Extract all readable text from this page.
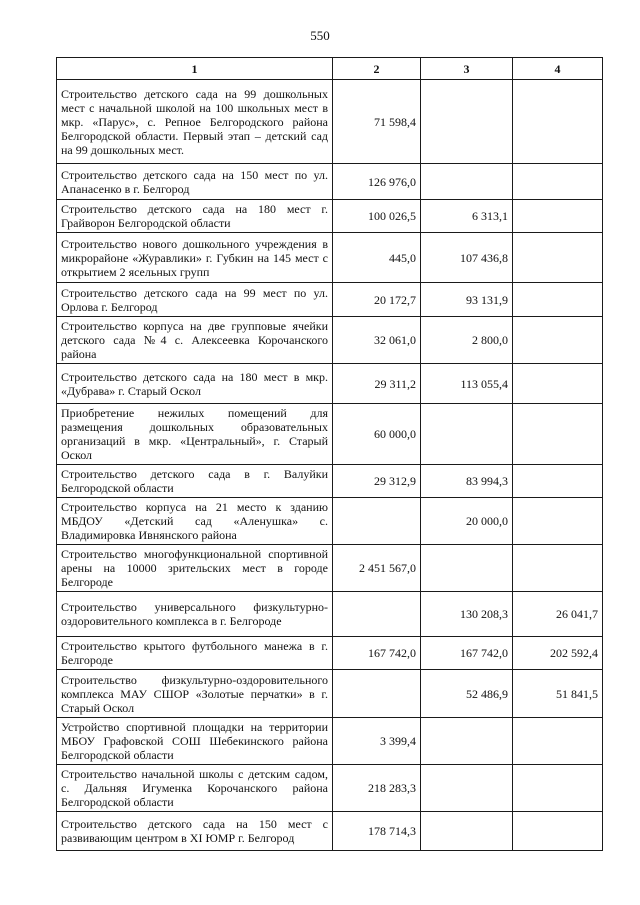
550
1	2	3	4
Строительство детского сада на 99 дошкольных мест с начальной школой на 100 школьных мест в мкр. «Парус», с. Репное Белгородского района Белгородской области. Первый этап – детский сад на 99 дошкольных мест.	71 598,4		
Строительство детского сада на 150 мест по ул. Апанасенко в г. Белгород	126 976,0		
Строительство детского сада на 180 мест г. Грайворон Белгородской области	100 026,5	6 313,1	
Строительство нового дошкольного учреждения в микрорайоне «Журавлики» г. Губкин на 145 мест с открытием 2 ясельных групп	445,0	107 436,8	
Строительство детского сада на 99 мест по ул. Орлова г. Белгород	20 172,7	93 131,9	
Строительство корпуса на две групповые ячейки детского сада №4 с. Алексеевка Корочанского района	32 061,0	2 800,0	
Строительство детского сада на 180 мест в мкр. «Дубрава» г. Старый Оскол	29 311,2	113 055,4	
Приобретение нежилых помещений для размещения дошкольных образовательных организаций в мкр. «Центральный», г. Старый Оскол	60 000,0		
Строительство детского сада в г. Валуйки Белгородской области	29 312,9	83 994,3	
Строительство корпуса на 21 место к зданию МБДОУ «Детский сад «Аленушка» с. Владимировка Ивнянского района		20 000,0	
Строительство многофункциональной спортивной арены на 10000 зрительских мест в городе Белгороде	2 451 567,0		
Строительство универсального физкультурно-оздоровительного комплекса в г. Белгороде		130 208,3	26 041,7
Строительство крытого футбольного манежа в г. Белгороде	167 742,0	167 742,0	202 592,4
Строительство физкультурно-оздоровительного комплекса МАУ СШОР «Золотые перчатки» в г. Старый Оскол		52 486,9	51 841,5
Устройство спортивной площадки на территории МБОУ Графовской СОШ Шебекинского района Белгородской области	3 399,4		
Строительство начальной школы с детским садом, с. Дальняя Игуменка Корочанского района Белгородской области	218 283,3		
Строительство детского сада на 150 мест с развивающим центром в XI ЮМР г. Белгород	178 714,3		
